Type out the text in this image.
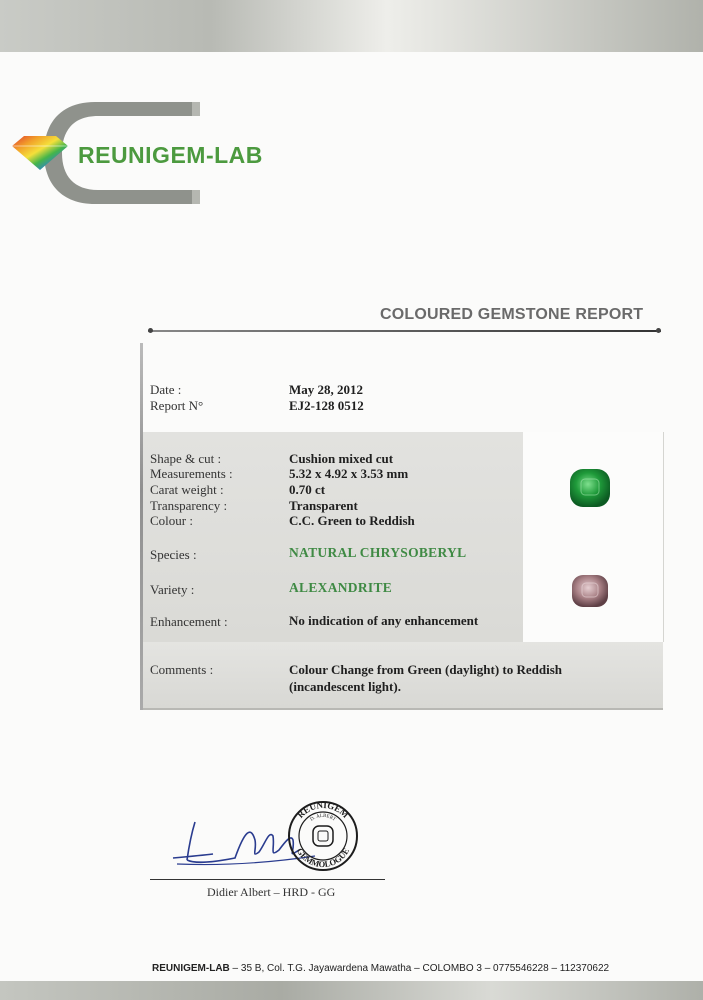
REUNIGEM-LAB
COLOURED GEMSTONE REPORT
Date :	May 28, 2012
Report N°	EJ2-128 0512
Shape & cut :	Cushion mixed cut
Measurements :	5.32 x 4.92 x 3.53 mm
Carat weight :	0.70 ct
Transparency :	Transparent
Colour :	C.C. Green to Reddish
Species :	NATURAL CHRYSOBERYL
Variety :	ALEXANDRITE
Enhancement :	No indication of any enhancement
Comments :	Colour Change from Green (daylight) to Reddish
(incandescent light).
REUNIGEM
D. ALBERT
GEMMOLOGUE
Didier Albert – HRD - GG
REUNIGEM-LAB – 35 B, Col. T.G. Jayawardena Mawatha – COLOMBO 3 – 0775546228 – 112370622
